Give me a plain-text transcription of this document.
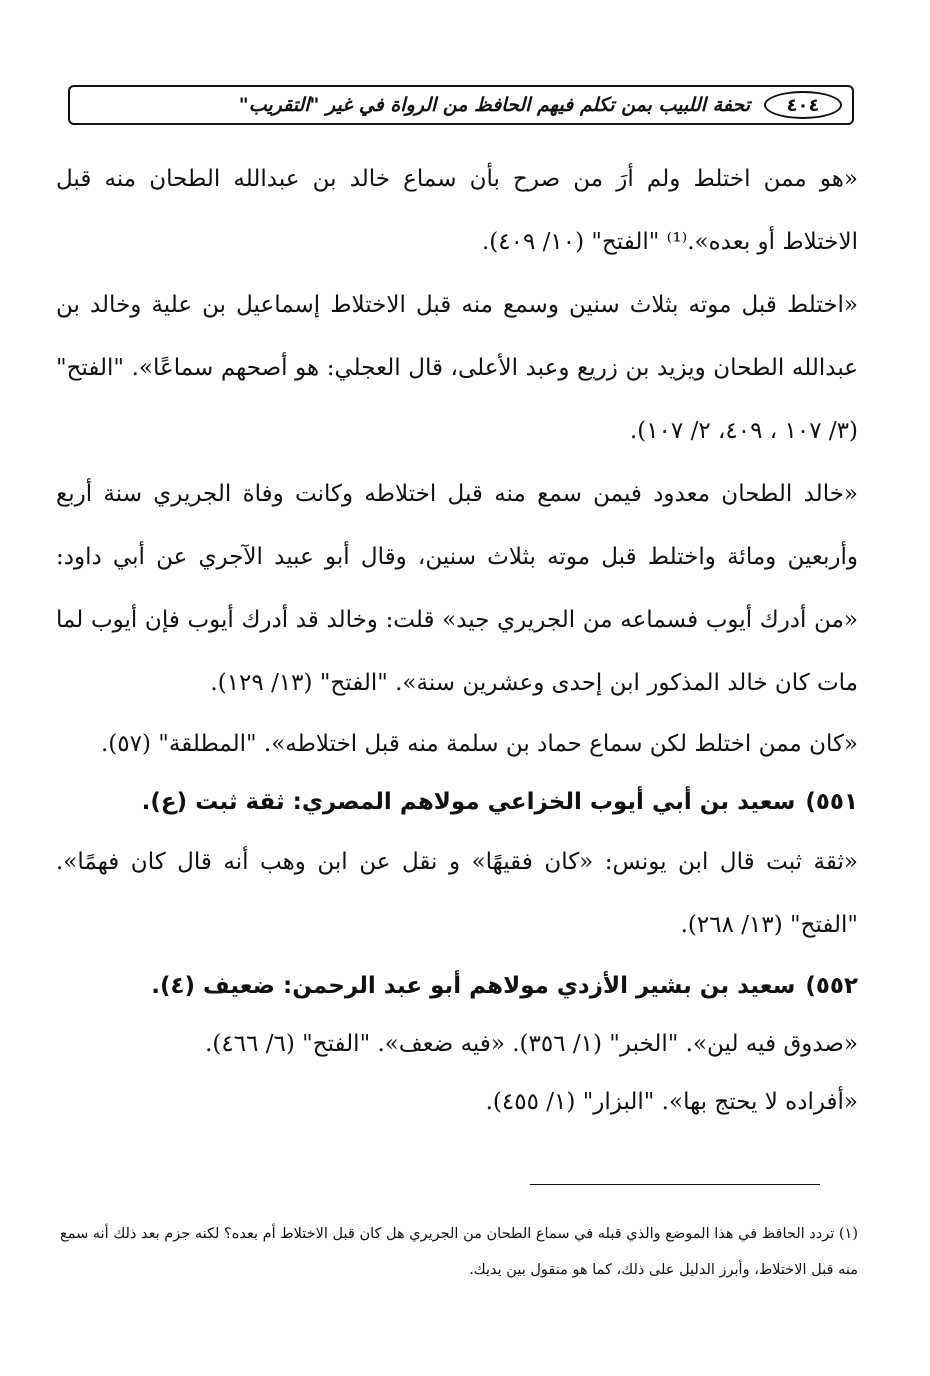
٤٠٤
تحفة اللبيب بمن تكلم فيهم الحافظ من الرواة في غير "التقريب"

«هو ممن اختلط ولم أرَ من صرح بأن سماع خالد بن عبدالله الطحان منه قبل الاختلاط أو بعده».⁽¹⁾ "الفتح" (١٠/ ٤٠٩).

«اختلط قبل موته بثلاث سنين وسمع منه قبل الاختلاط إسماعيل بن علية وخالد بن عبدالله الطحان ويزيد بن زريع وعبد الأعلى، قال العجلي: هو أصحهم سماعًا». "الفتح" (٣/ ١٠٧ ، ٤٠٩، ٢/ ١٠٧).

«خالد الطحان معدود فيمن سمع منه قبل اختلاطه وكانت وفاة الجريري سنة أربع وأربعين ومائة واختلط قبل موته بثلاث سنين، وقال أبو عبيد الآجري عن أبي داود: «من أدرك أيوب فسماعه من الجريري جيد» قلت: وخالد قد أدرك أيوب فإن أيوب لما مات كان خالد المذكور ابن إحدى وعشرين سنة». "الفتح" (١٣/ ١٢٩).

«كان ممن اختلط لكن سماع حماد بن سلمة منه قبل اختلاطه». "المطلقة" (٥٧).

٥٥١)سعيد بن أبي أيوب الخزاعي مولاهم المصري: ثقة ثبت (ع).

«ثقة ثبت قال ابن يونس: «كان فقيهًا» و نقل عن ابن وهب أنه قال كان فهمًا». "الفتح" (١٣/ ٢٦٨).

٥٥٢)سعيد بن بشير الأزدي مولاهم أبو عبد الرحمن: ضعيف (٤).

«صدوق فيه لين». "الخبر" (١/ ٣٥٦). «فيه ضعف». "الفتح" (٦/ ٤٦٦).

«أفراده لا يحتج بها». "البزار" (١/ ٤٥٥).

(١) تردد الحافظ في هذا الموضع والذي قبله في سماع الطحان من الجريري هل كان قبل الاختلاط أم بعده؟ لكنه جزم بعد ذلك أنه سمع منه قبل الاختلاط، وأبرز الدليل على ذلك، كما هو منقول بين يديك.
